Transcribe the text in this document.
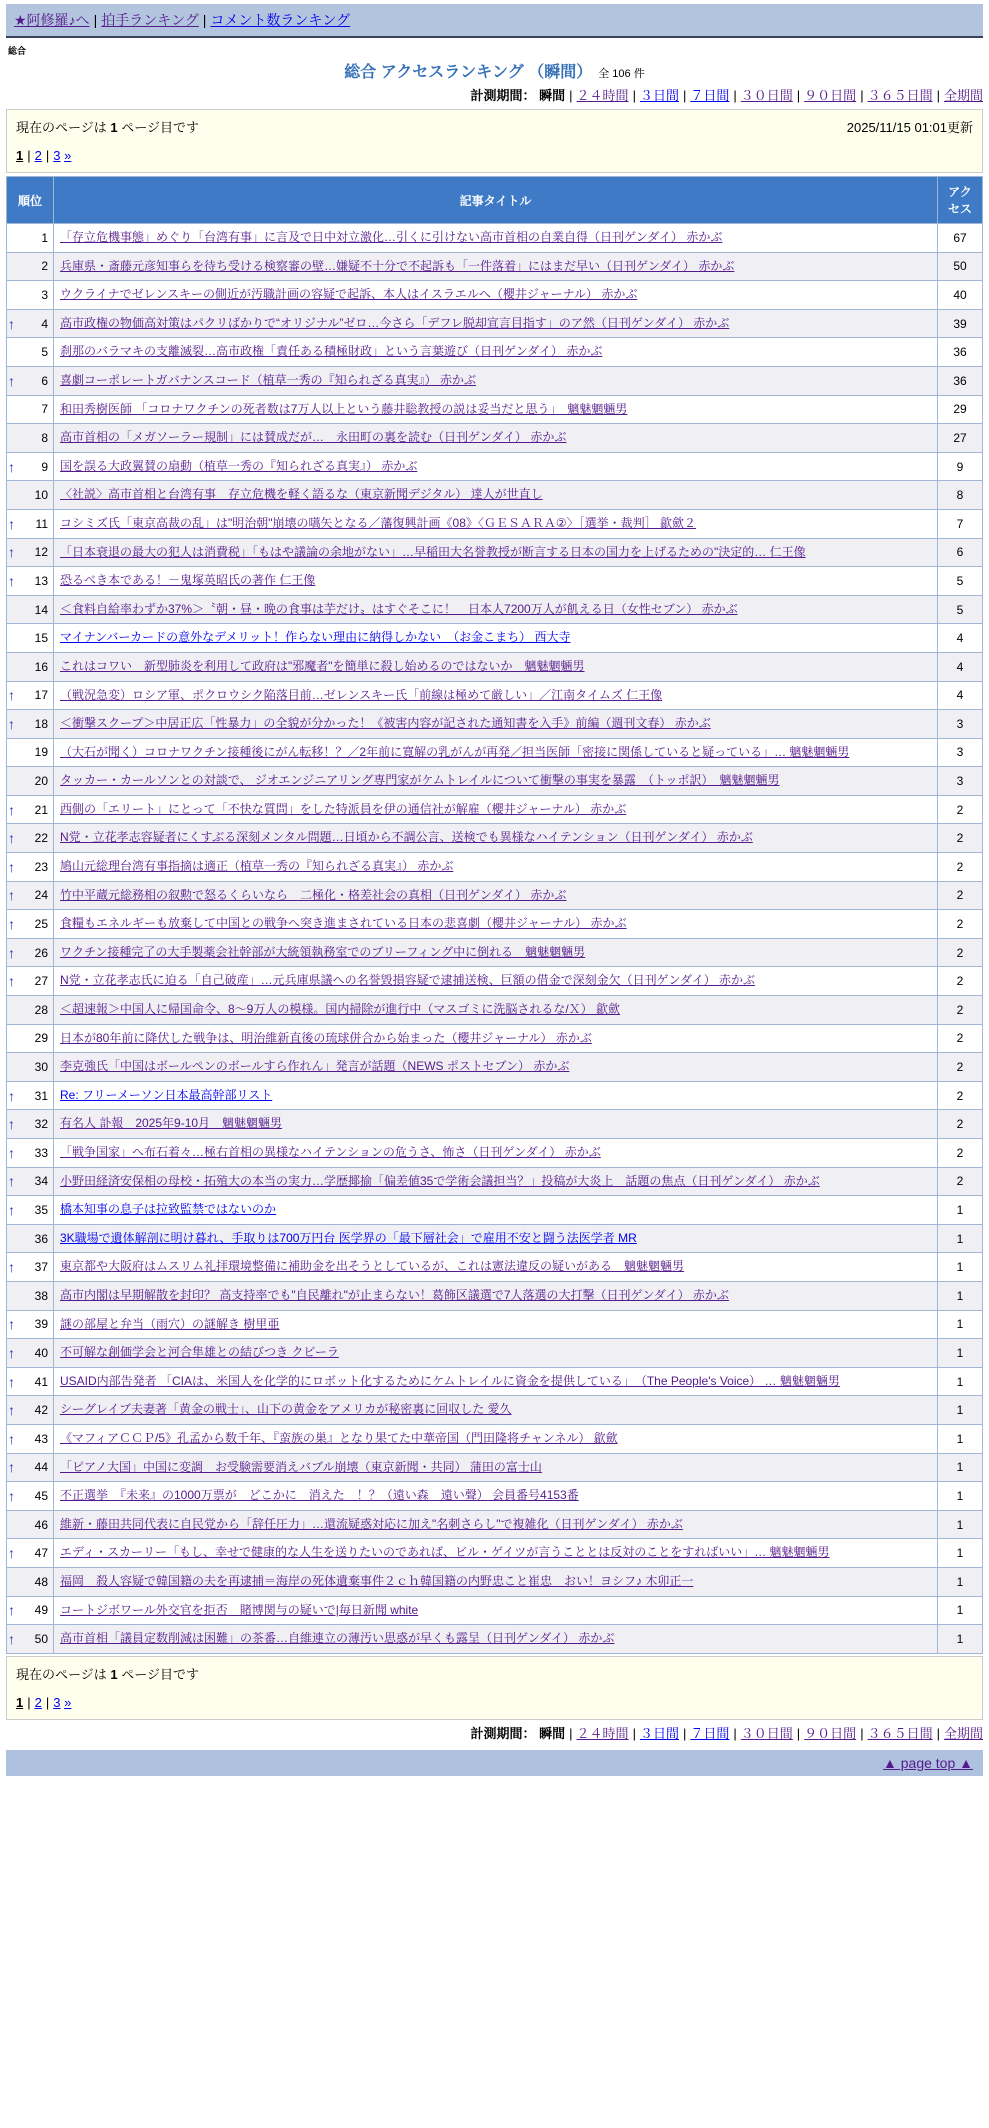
★阿修羅♪へ | 拍手ランキング | コメント数ランキング
総合
総合 アクセスランキング （瞬間） 全 106 件
計測期間： 瞬間 | ２４時間 | ３日間 | ７日間 | ３０日間 | ９０日間 | ３６５日間 | 全期間
現在のページは 1 ページ目です	2025/11/15 01:01更新
1 | 2 | 3 »
順位	記事タイトル	アクセス
1	「存立危機事態」めぐり「台湾有事」に言及で日中対立激化…引くに引けない高市首相の自業自得（日刊ゲンダイ） 赤かぶ	67
2	兵庫県・斎藤元彦知事らを待ち受ける検察審の壁…嫌疑不十分で不起訴も「一件落着」にはまだ早い（日刊ゲンダイ） 赤かぶ	50
3	ウクライナでゼレンスキーの側近が汚職計画の容疑で起訴、本人はイスラエルへ（櫻井ジャーナル） 赤かぶ	40

↑ 4	高市政権の物価高対策はパクリばかりで“オリジナル”ゼロ…今さら「デフレ脱却宣言目指す」のア然（日刊ゲンダイ） 赤かぶ	39
5	刹那のバラマキの支離滅裂…高市政権「責任ある積極財政」という言葉遊び（日刊ゲンダイ） 赤かぶ	36

↑ 6	喜劇コーポレートガバナンスコード（植草一秀の『知られざる真実』） 赤かぶ	36
7	和田秀樹医師 「コロナワクチンの死者数は7万人以上という藤井聡教授の説は妥当だと思う」　魑魅魍魎男	29
8	高市首相の「メガソーラー規制」には賛成だが…　永田町の裏を読む（日刊ゲンダイ） 赤かぶ	27

↑ 9	国を誤る大政翼賛の扇動（植草一秀の『知られざる真実』） 赤かぶ	9
10	〈社説〉高市首相と台湾有事　存立危機を軽く語るな（東京新聞デジタル） 達人が世直し	8

↑ 11	コシミズ氏「東京高裁の乱」は"明治朝"崩壊の嚆矢となる／藩復興計画《08》〈ＧＥＳＡＲＡ②〉［選挙・裁判］ 歙歛２	7

↑ 12	「日本衰退の最大の犯人は消費税」「もはや議論の余地がない」…早稲田大名誉教授が断言する日本の国力を上げるための"決定的… 仁王像	6

↑ 13	恐るべき本である！－鬼塚英昭氏の著作 仁王像	5
14	＜食料自給率わずか37%＞〝朝・昼・晩の食事は芋だけ〟はすぐそこに！　日本人7200万人が飢える日（女性セブン） 赤かぶ	5
15	マイナンバーカードの意外なデメリット！作らない理由に納得しかない　（お金こまち） 西大寺	4
16	これはコワい　新型肺炎を利用して政府は"邪魔者"を簡単に殺し始めるのではないか　魑魅魍魎男	4

↑ 17	（戦況急変）ロシア軍、ポクロウシク陥落目前…ゼレンスキー氏「前線は極めて厳しい」／江南タイムズ 仁王像	4

↑ 18	＜衝撃スクープ＞中居正広「性暴力」の全貌が分かった！《被害内容が記された通知書を入手》前編（週刊文春） 赤かぶ	3
19	（大石が聞く）コロナワクチン接種後にがん転移！？／2年前に寛解の乳がんが再発／担当医師「密接に関係していると疑っている」… 魑魅魍魎男	3
20	タッカー・カールソンとの対談で、 ジオエンジニアリング専門家がケムトレイルについて衝撃の事実を暴露　（トッポ訳）　魑魅魍魎男	3

↑ 21	西側の「エリート」にとって「不快な質問」をした特派員を伊の通信社が解雇（櫻井ジャーナル） 赤かぶ	2

↑ 22	N党・立花孝志容疑者にくすぶる深刻メンタル問題…日頃から不調公言、送検でも異様なハイテンション（日刊ゲンダイ） 赤かぶ	2

↑ 23	鳩山元総理台湾有事指摘は適正（植草一秀の『知られざる真実』） 赤かぶ	2

↑ 24	竹中平蔵元総務相の叙勲で怒るくらいなら　二極化・格差社会の真相（日刊ゲンダイ） 赤かぶ	2

↑ 25	食糧もエネルギーも放棄して中国との戦争へ突き進まされている日本の悲喜劇（櫻井ジャーナル） 赤かぶ	2

↑ 26	ワクチン接種完了の大手製薬会社幹部が大統領執務室でのブリーフィング中に倒れる　魑魅魍魎男	2

↑ 27	N党・立花孝志氏に迫る「自己破産」…元兵庫県議への名誉毀損容疑で逮捕送検、巨額の借金で深刻金欠（日刊ゲンダイ） 赤かぶ	2
28	＜超速報＞中国人に帰国命令、8～9万人の模様。国内掃除が進行中（マスゴミに洗脳されるな/Ｘ） 歙歛	2
29	日本が80年前に降伏した戦争は、明治維新直後の琉球併合から始まった（櫻井ジャーナル） 赤かぶ	2
30	李克強氏「中国はボールペンのボールすら作れん」発言が話題（NEWS ポストセブン） 赤かぶ	2

↑ 31	Re: フリーメーソン日本最高幹部リスト	2

↑ 32	有名人 訃報　2025年9-10月　魑魅魍魎男	2

↑ 33	「戦争国家」へ布石着々…極右首相の異様なハイテンションの危うさ、怖さ（日刊ゲンダイ） 赤かぶ	2

↑ 34	小野田経済安保相の母校・拓殖大の本当の実力…学歴揶揄「偏差値35で学術会議担当？」投稿が大炎上　話題の焦点（日刊ゲンダイ） 赤かぶ	2

↑ 35	橋本知事の息子は拉致監禁ではないのか	1
36	3K職場で遺体解剖に明け暮れ、手取りは700万円台 医学界の「最下層社会」で雇用不安と闘う法医学者 MR	1

↑ 37	東京都や大阪府はムスリム礼拝環境整備に補助金を出そうとしているが、これは憲法違反の疑いがある　魑魅魍魎男	1
38	高市内閣は早期解散を封印？ 高支持率でも"自民離れ"が止まらない！葛飾区議選で7人落選の大打撃（日刊ゲンダイ） 赤かぶ	1

↑ 39	謎の部屋と弁当（雨穴）の謎解き 樹里亜	1

↑ 40	不可解な創価学会と河合隼雄との結びつき クビーラ	1

↑ 41	USAID内部告発者 「CIAは、米国人を化学的にロボット化するためにケムトレイルに資金を提供している」　（The People's Voice） … 魑魅魍魎男	1

↑ 42	シーグレイブ夫妻著「黄金の戦士」、山下の黄金をアメリカが秘密裏に回収した 愛久	1

↑ 43	《マフィアＣＣＰ/5》孔孟から数千年、『蛮族の巣』となり果てた中華帝国（門田隆将チャンネル） 歙歛	1

↑ 44	「ピアノ大国」中国に変調　お受験需要消えバブル崩壊（東京新聞・共同） 蒲田の富士山	1

↑ 45	不正選挙　『未来』の1000万票が　どこかに　消えた　！？（遠い森　遠い聲） 会員番号4153番	1
46	維新・藤田共同代表に自民党から「辞任圧力」…還流疑惑対応に加え"名刺さらし"で複雑化（日刊ゲンダイ） 赤かぶ	1

↑ 47	エディ・スカーリー「もし、幸せで健康的な人生を送りたいのであれば、ビル・ゲイツが言うこととは反対のことをすればいい」… 魑魅魍魎男	1
48	福岡　殺人容疑で韓国籍の夫を再逮捕＝海岸の死体遺棄事件２ｃｈ韓国籍の内野忠こと崔忠　おい！ヨシフ♪ 木卯正一	1

↑ 49	コートジボワール外交官を拒否　賭博関与の疑いで|毎日新聞 white	1

↑ 50	高市首相「議員定数削減は困難」の茶番…自維連立の薄汚い思惑が早くも露呈（日刊ゲンダイ） 赤かぶ	1
現在のページは 1 ページ目です
1 | 2 | 3 »
計測期間： 瞬間 | ２４時間 | ３日間 | ７日間 | ３０日間 | ９０日間 | ３６５日間 | 全期間
▲ page top ▲
